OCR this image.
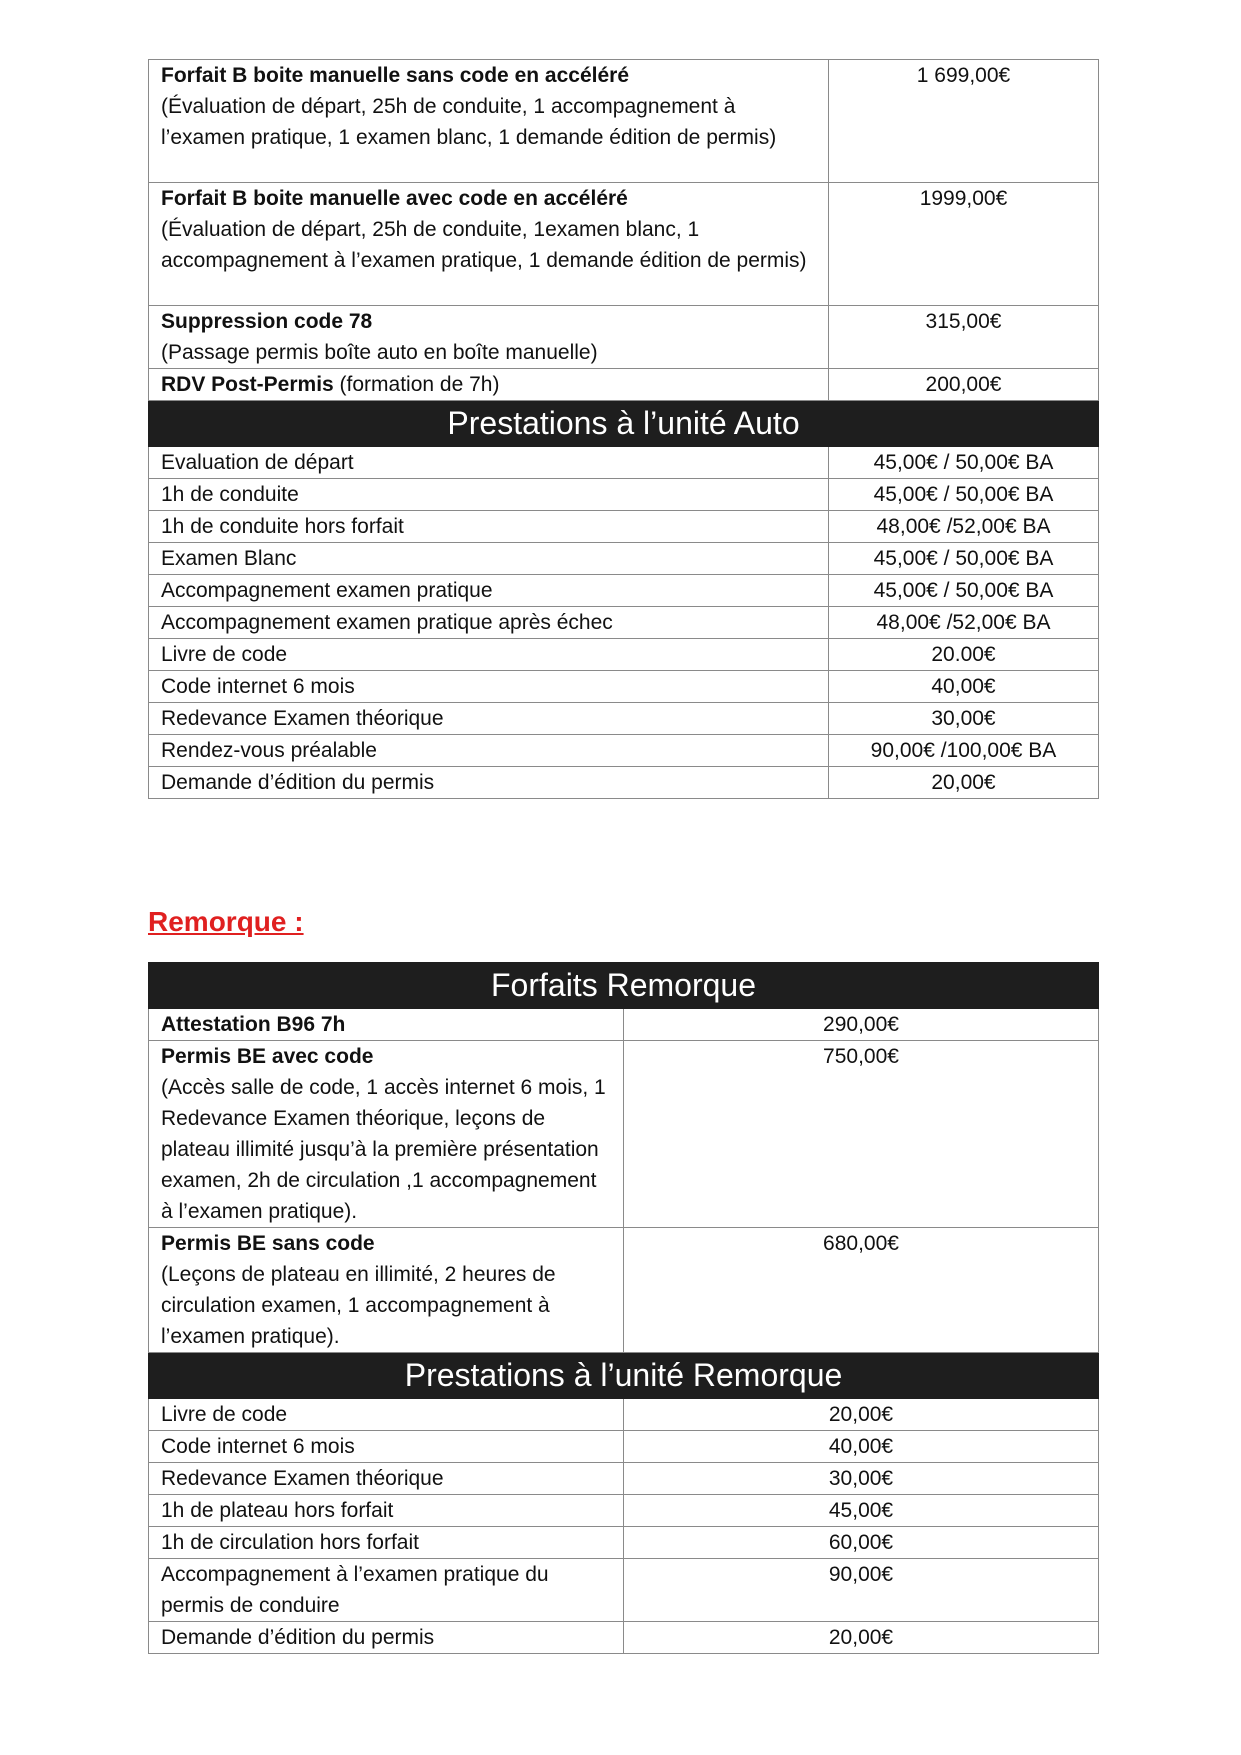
Forfait B boite manuelle sans code en accéléré
(Évaluation de départ, 25h de conduite, 1 accompagnement à l’examen pratique, 1 examen blanc, 1 demande édition de permis)	1 699,00€

Forfait B boite manuelle avec code en accéléré
(Évaluation de départ, 25h de conduite, 1examen blanc, 1 accompagnement à l’examen pratique, 1 demande édition de permis)	1999,00€

Suppression code 78
(Passage permis boîte auto en boîte manuelle)	315,00€
RDV Post-Permis (formation de 7h)	200,00€
Prestations à l’unité Auto	
Evaluation de départ	45,00€ / 50,00€ BA
1h de conduite	45,00€ / 50,00€ BA
1h de conduite hors forfait	48,00€ /52,00€ BA
Examen Blanc	45,00€ / 50,00€ BA
Accompagnement examen pratique	45,00€ / 50,00€ BA
Accompagnement examen pratique après échec	48,00€ /52,00€ BA
Livre de code	20.00€
Code internet 6 mois	40,00€
Redevance Examen théorique	30,00€
Rendez-vous préalable	90,00€ /100,00€ BA
Demande d’édition du permis	20,00€
Remorque :
Forfaits Remorque	

Attestation B96 7h	290,00€

Permis BE avec code
(Accès salle de code, 1 accès internet 6 mois, 1 Redevance Examen théorique, leçons de plateau illimité jusqu’à la première présentation examen, 2h de circulation ,1 accompagnement à l’examen pratique).	750,00€

Permis BE sans code
(Leçons de plateau en illimité, 2 heures de circulation examen, 1 accompagnement à l’examen pratique).	680,00€
Prestations à l’unité Remorque	
Livre de code	20,00€
Code internet 6 mois	40,00€
Redevance Examen théorique	30,00€
1h de plateau hors forfait	45,00€
1h de circulation hors forfait	60,00€
Accompagnement à l’examen pratique du permis de conduire	90,00€
Demande d’édition du permis	20,00€
